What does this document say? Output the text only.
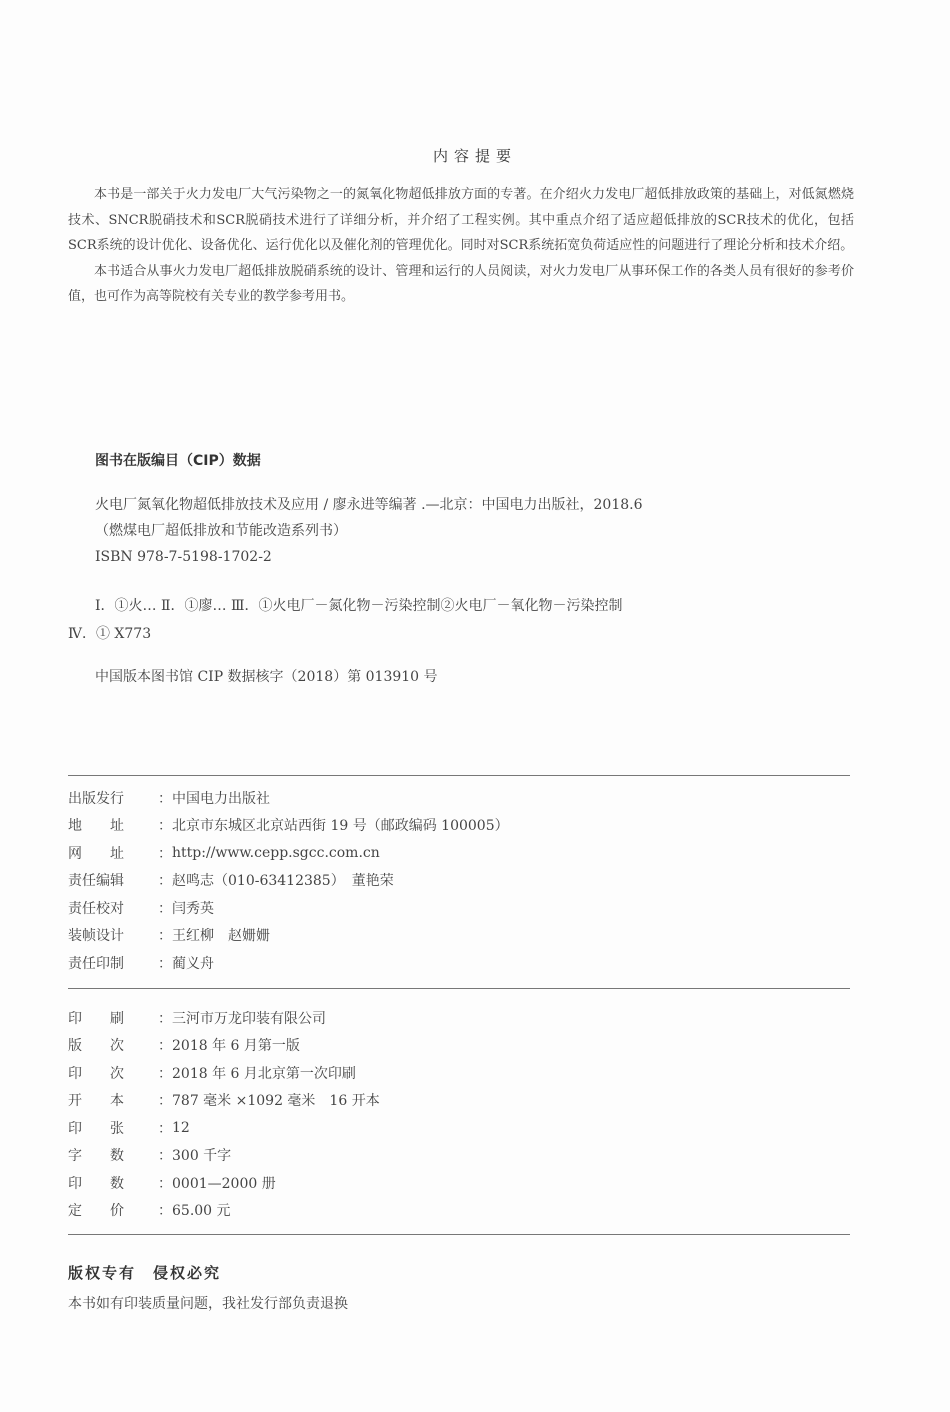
内容提要

本书是一部关于火力发电厂大气污染物之一的氮氧化物超低排放方面的专著。在介绍火力发电厂超低排放政策的基础上，对低氮燃烧技术、SNCR脱硝技术和SCR脱硝技术进行了详细分析，并介绍了工程实例。其中重点介绍了适应超低排放的SCR技术的优化，包括SCR系统的设计优化、设备优化、运行优化以及催化剂的管理优化。同时对SCR系统拓宽负荷适应性的问题进行了理论分析和技术介绍。

本书适合从事火力发电厂超低排放脱硝系统的设计、管理和运行的人员阅读，对火力发电厂从事环保工作的各类人员有很好的参考价值，也可作为高等院校有关专业的教学参考用书。

图书在版编目（CIP）数据
火电厂氮氧化物超低排放技术及应用 / 廖永进等编著 .—北京：中国电力出版社，2018.6
（燃煤电厂超低排放和节能改造系列书）
ISBN 978-7-5198-1702-2
Ⅰ．①火… Ⅱ．①廖… Ⅲ．①火电厂－氮化物－污染控制②火电厂－氧化物－污染控制
Ⅳ．① X773
中国版本图书馆 CIP 数据核字（2018）第 013910 号
出版发行	： 中国电力出版社
地　　址	： 北京市东城区北京站西街 19 号（邮政编码 100005）
网　　址	： http://www.cepp.sgcc.com.cn
责任编辑	： 赵鸣志（010-63412385）　董艳荣
责任校对	： 闫秀英
装帧设计	： 王红柳　赵姗姗
责任印制	： 蔺义舟
印　　刷	： 三河市万龙印装有限公司
版　　次	： 2018 年 6 月第一版
印　　次	： 2018 年 6 月北京第一次印刷
开　　本	： 787 毫米 ×1092 毫米　16 开本
印　　张	： 12
字　　数	： 300 千字
印　　数	： 0001—2000 册
定　　价	： 65.00 元
版权专有　侵权必究
本书如有印装质量问题，我社发行部负责退换
